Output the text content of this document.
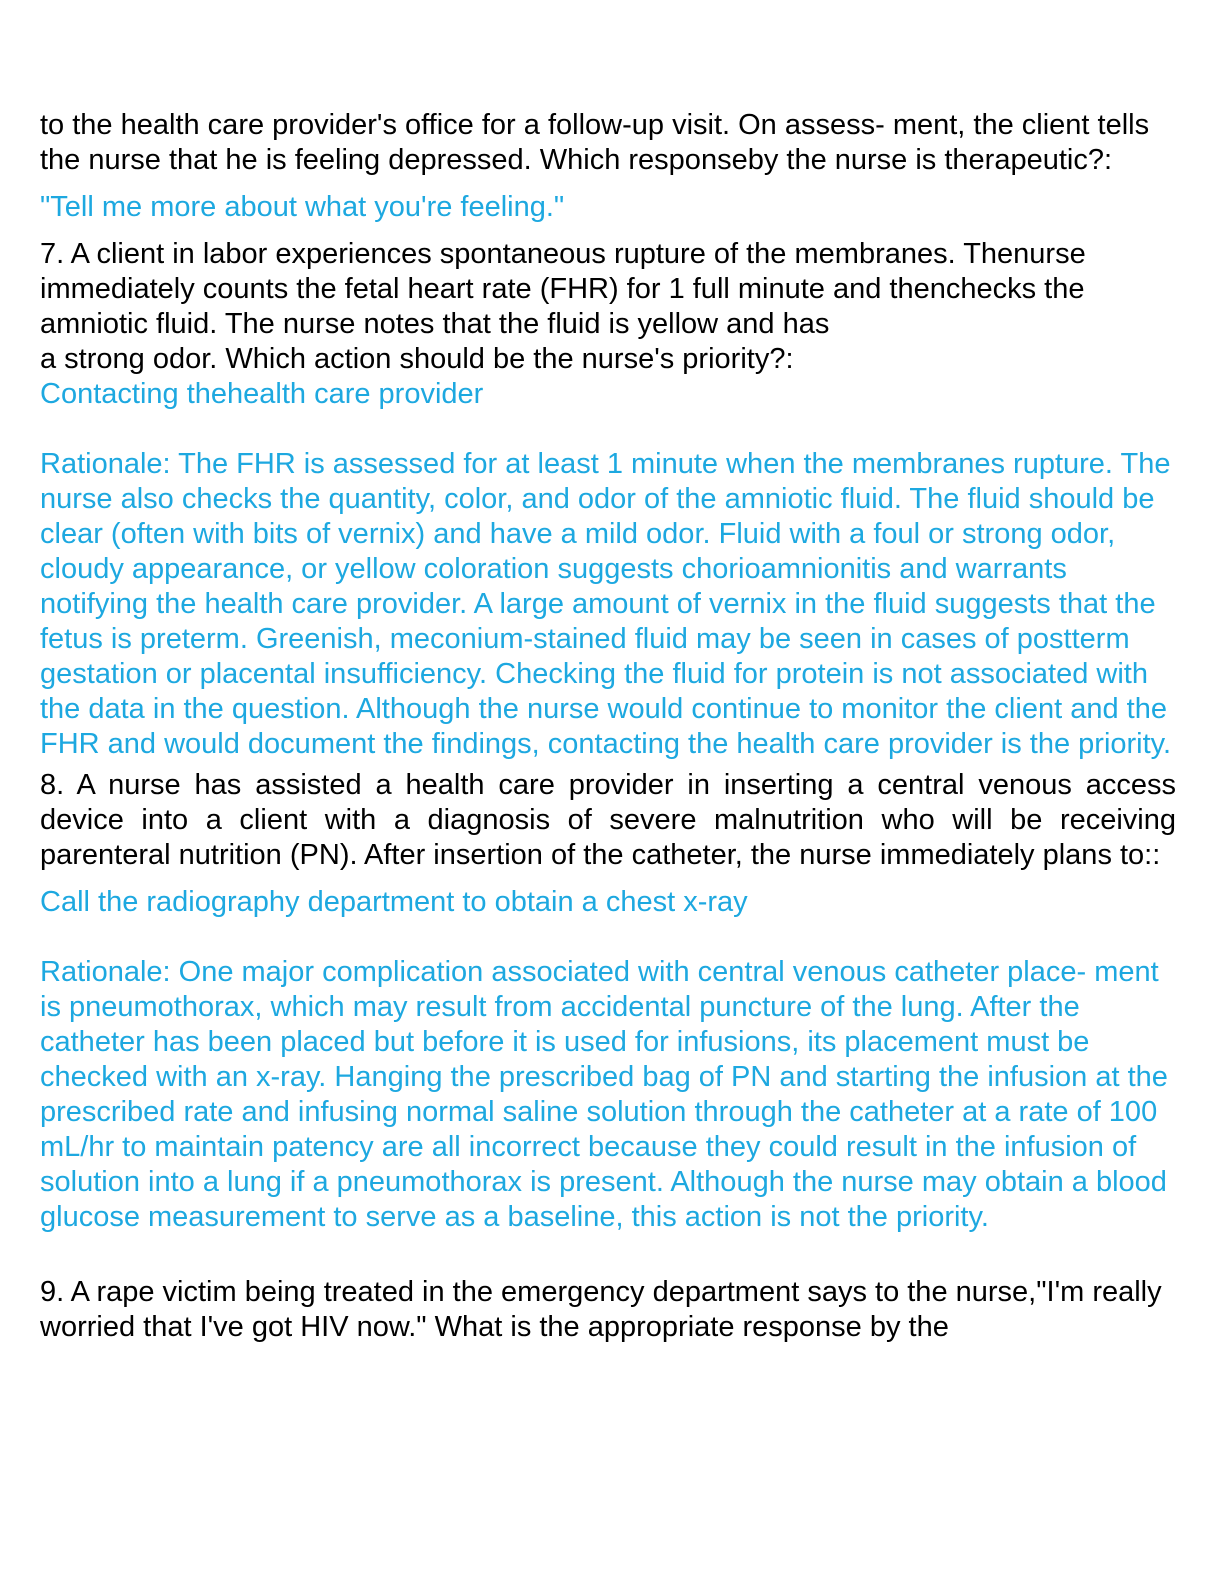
to the health care provider's office for a follow-up visit. On assess- ment, the client tells the nurse that he is feeling depressed. Which responseby the nurse is therapeutic?:

"Tell me more about what you're feeling."

7. A client in labor experiences spontaneous rupture of the membranes. Thenurse immediately counts the fetal heart rate (FHR) for 1 full minute and thenchecks the amniotic fluid. The nurse notes that the fluid is yellow and has

a strong odor. Which action should be the nurse's priority?:

Contacting thehealth care provider

Rationale: The FHR is assessed for at least 1 minute when the membranes rupture. The nurse also checks the quantity, color, and odor of the amniotic fluid. The fluid should be clear (often with bits of vernix) and have a mild odor. Fluid with a foul or strong odor, cloudy appearance, or yellow coloration suggests chorioamnionitis and warrants notifying the health care provider. A large amount of vernix in the fluid suggests that the fetus is preterm. Greenish, meconium-stained fluid may be seen in cases of postterm gestation or placental insufficiency. Checking the fluid for protein is not associated with the data in the question. Although the nurse would continue to monitor the client and the FHR and would document the findings, contacting the health care provider is the priority.

8. A nurse has assisted a health care provider in inserting a central venous access device into a client with a diagnosis of severe malnutrition who will be receiving parenteral nutrition (PN). After insertion of the catheter, the nurse immediately plans to::

Call the radiography department to obtain a chest x-ray

Rationale: One major complication associated with central venous catheter place- ment is pneumothorax, which may result from accidental puncture of the lung. After the catheter has been placed but before it is used for infusions, its placement must be checked with an x-ray. Hanging the prescribed bag of PN and starting the infusion at the prescribed rate and infusing normal saline solution through the catheter at a rate of 100 mL/hr to maintain patency are all incorrect because they could result in the infusion of solution into a lung if a pneumothorax is present. Although the nurse may obtain a blood glucose measurement to serve as a baseline, this action is not the priority.

9. A rape victim being treated in the emergency department says to the nurse,"I'm really worried that I've got HIV now." What is the appropriate response by the
